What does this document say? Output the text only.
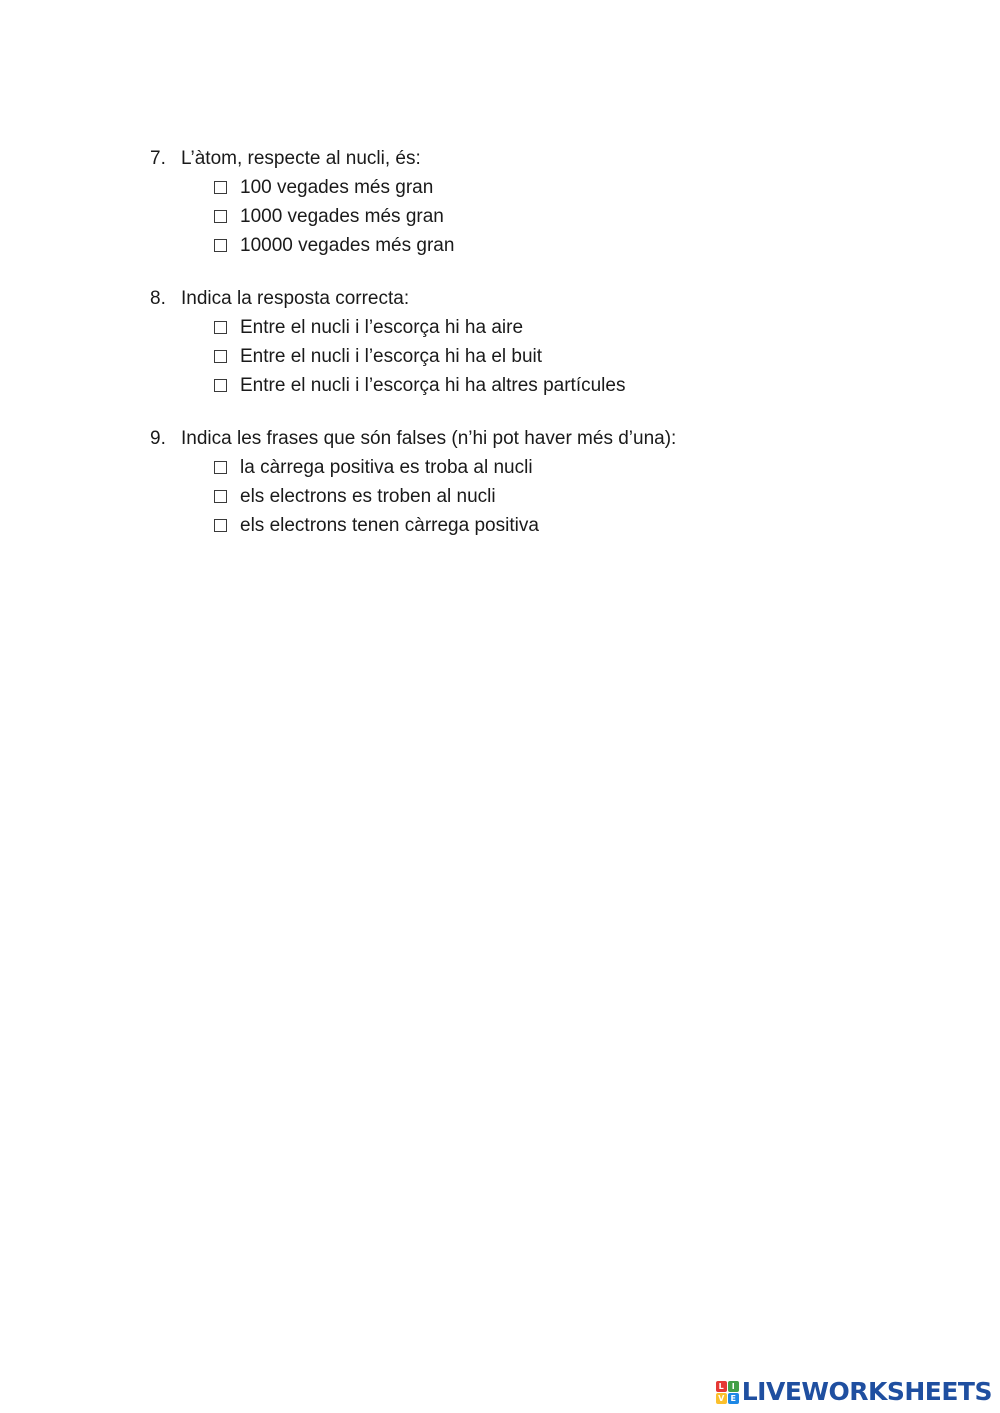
7. L’àtom, respecte al nucli, és:
100 vegades més gran
1000 vegades més gran
10000 vegades més gran
8. Indica la resposta correcta:
Entre el nucli i l’escorça hi ha aire
Entre el nucli i l’escorça hi ha el buit
Entre el nucli i l’escorça hi ha altres partícules
9. Indica les frases que són falses (n’hi pot haver més d’una):
la càrrega positiva es troba al nucli
els electrons es troben al nucli
els electrons tenen càrrega positiva
L I
V E LIVEWORKSHEETS
